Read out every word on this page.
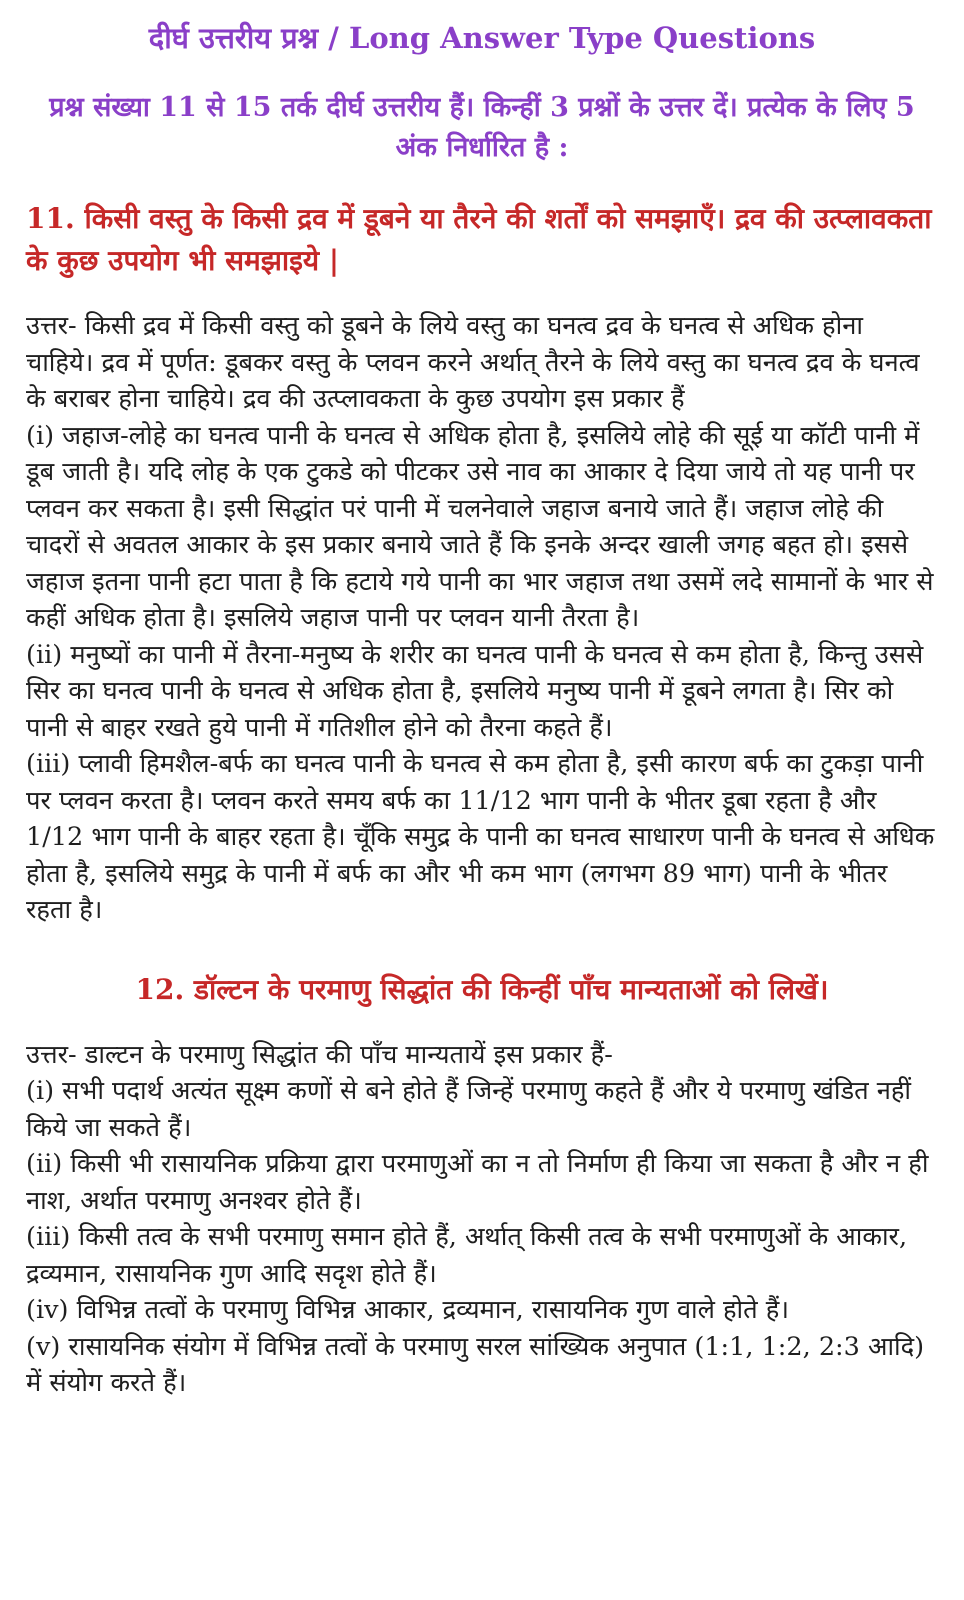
दीर्घ उत्तरीय प्रश्न / Long Answer Type Questions
प्रश्न संख्या 11 से 15 तर्क दीर्घ उत्तरीय हैं। किन्हीं 3 प्रश्नों के उत्तर दें। प्रत्येक के लिए 5 अंक निर्धारित है :
11. किसी वस्तु के किसी द्रव में डूबने या तैरने की शर्तों को समझाएँ। द्रव की उत्प्लावकता के कुछ उपयोग भी समझाइये |

उत्तर- किसी द्रव में किसी वस्तु को डूबने के लिये वस्तु का घनत्व द्रव के घनत्व से अधिक होना चाहिये। द्रव में पूर्णत: डूबकर वस्तु के प्लवन करने अर्थात् तैरने के लिये वस्तु का घनत्व द्रव के घनत्व के बराबर होना चाहिये। द्रव की उत्प्लावकता के कुछ उपयोग इस प्रकार हैं

(i) जहाज-लोहे का घनत्व पानी के घनत्व से अधिक होता है, इसलिये लोहे की सूई या कॉटी पानी में डूब जाती है। यदि लोह के एक टुकडे को पीटकर उसे नाव का आकार दे दिया जाये तो यह पानी पर प्लवन कर सकता है। इसी सिद्धांत परं पानी में चलनेवाले जहाज बनाये जाते हैं। जहाज लोहे की चादरों से अवतल आकार के इस प्रकार बनाये जाते हैं कि इनके अन्दर खाली जगह बहत हो। इससे जहाज इतना पानी हटा पाता है कि हटाये गये पानी का भार जहाज तथा उसमें लदे सामानों के भार से कहीं अधिक होता है। इसलिये जहाज पानी पर प्लवन यानी तैरता है।

(ii) मनुष्यों का पानी में तैरना-मनुष्य के शरीर का घनत्व पानी के घनत्व से कम होता है, किन्तु उससे सिर का घनत्व पानी के घनत्व से अधिक होता है, इसलिये मनुष्य पानी में डूबने लगता है। सिर को पानी से बाहर रखते हुये पानी में गतिशील होने को तैरना कहते हैं।

(iii) प्लावी हिमशैल-बर्फ का घनत्व पानी के घनत्व से कम होता है, इसी कारण बर्फ का टुकड़ा पानी पर प्लवन करता है। प्लवन करते समय बर्फ का 11/12 भाग पानी के भीतर डूबा रहता है और 1/12 भाग पानी के बाहर रहता है। चूँकि समुद्र के पानी का घनत्व साधारण पानी के घनत्व से अधिक होता है, इसलिये समुद्र के पानी में बर्फ का और भी कम भाग (लगभग 89 भाग) पानी के भीतर रहता है।

12. डॉल्टन के परमाणु सिद्धांत की किन्हीं पाँच मान्यताओं को लिखें।

उत्तर- डाल्टन के परमाणु सिद्धांत की पाँच मान्यतायें इस प्रकार हैं-

(i) सभी पदार्थ अत्यंत सूक्ष्म कणों से बने होते हैं जिन्हें परमाणु कहते हैं और ये परमाणु खंडित नहीं किये जा सकते हैं।

(ii) किसी भी रासायनिक प्रक्रिया द्वारा परमाणुओं का न तो निर्माण ही किया जा सकता है और न ही नाश, अर्थात परमाणु अनश्वर होते हैं।

(iii) किसी तत्व के सभी परमाणु समान होते हैं, अर्थात् किसी तत्व के सभी परमाणुओं के आकार, द्रव्यमान, रासायनिक गुण आदि सदृश होते हैं।

(iv) विभिन्न तत्वों के परमाणु विभिन्न आकार, द्रव्यमान, रासायनिक गुण वाले होते हैं।

(v) रासायनिक संयोग में विभिन्न तत्वों के परमाणु सरल सांख्यिक अनुपात (1:1, 1:2, 2:3 आदि) में संयोग करते हैं।
